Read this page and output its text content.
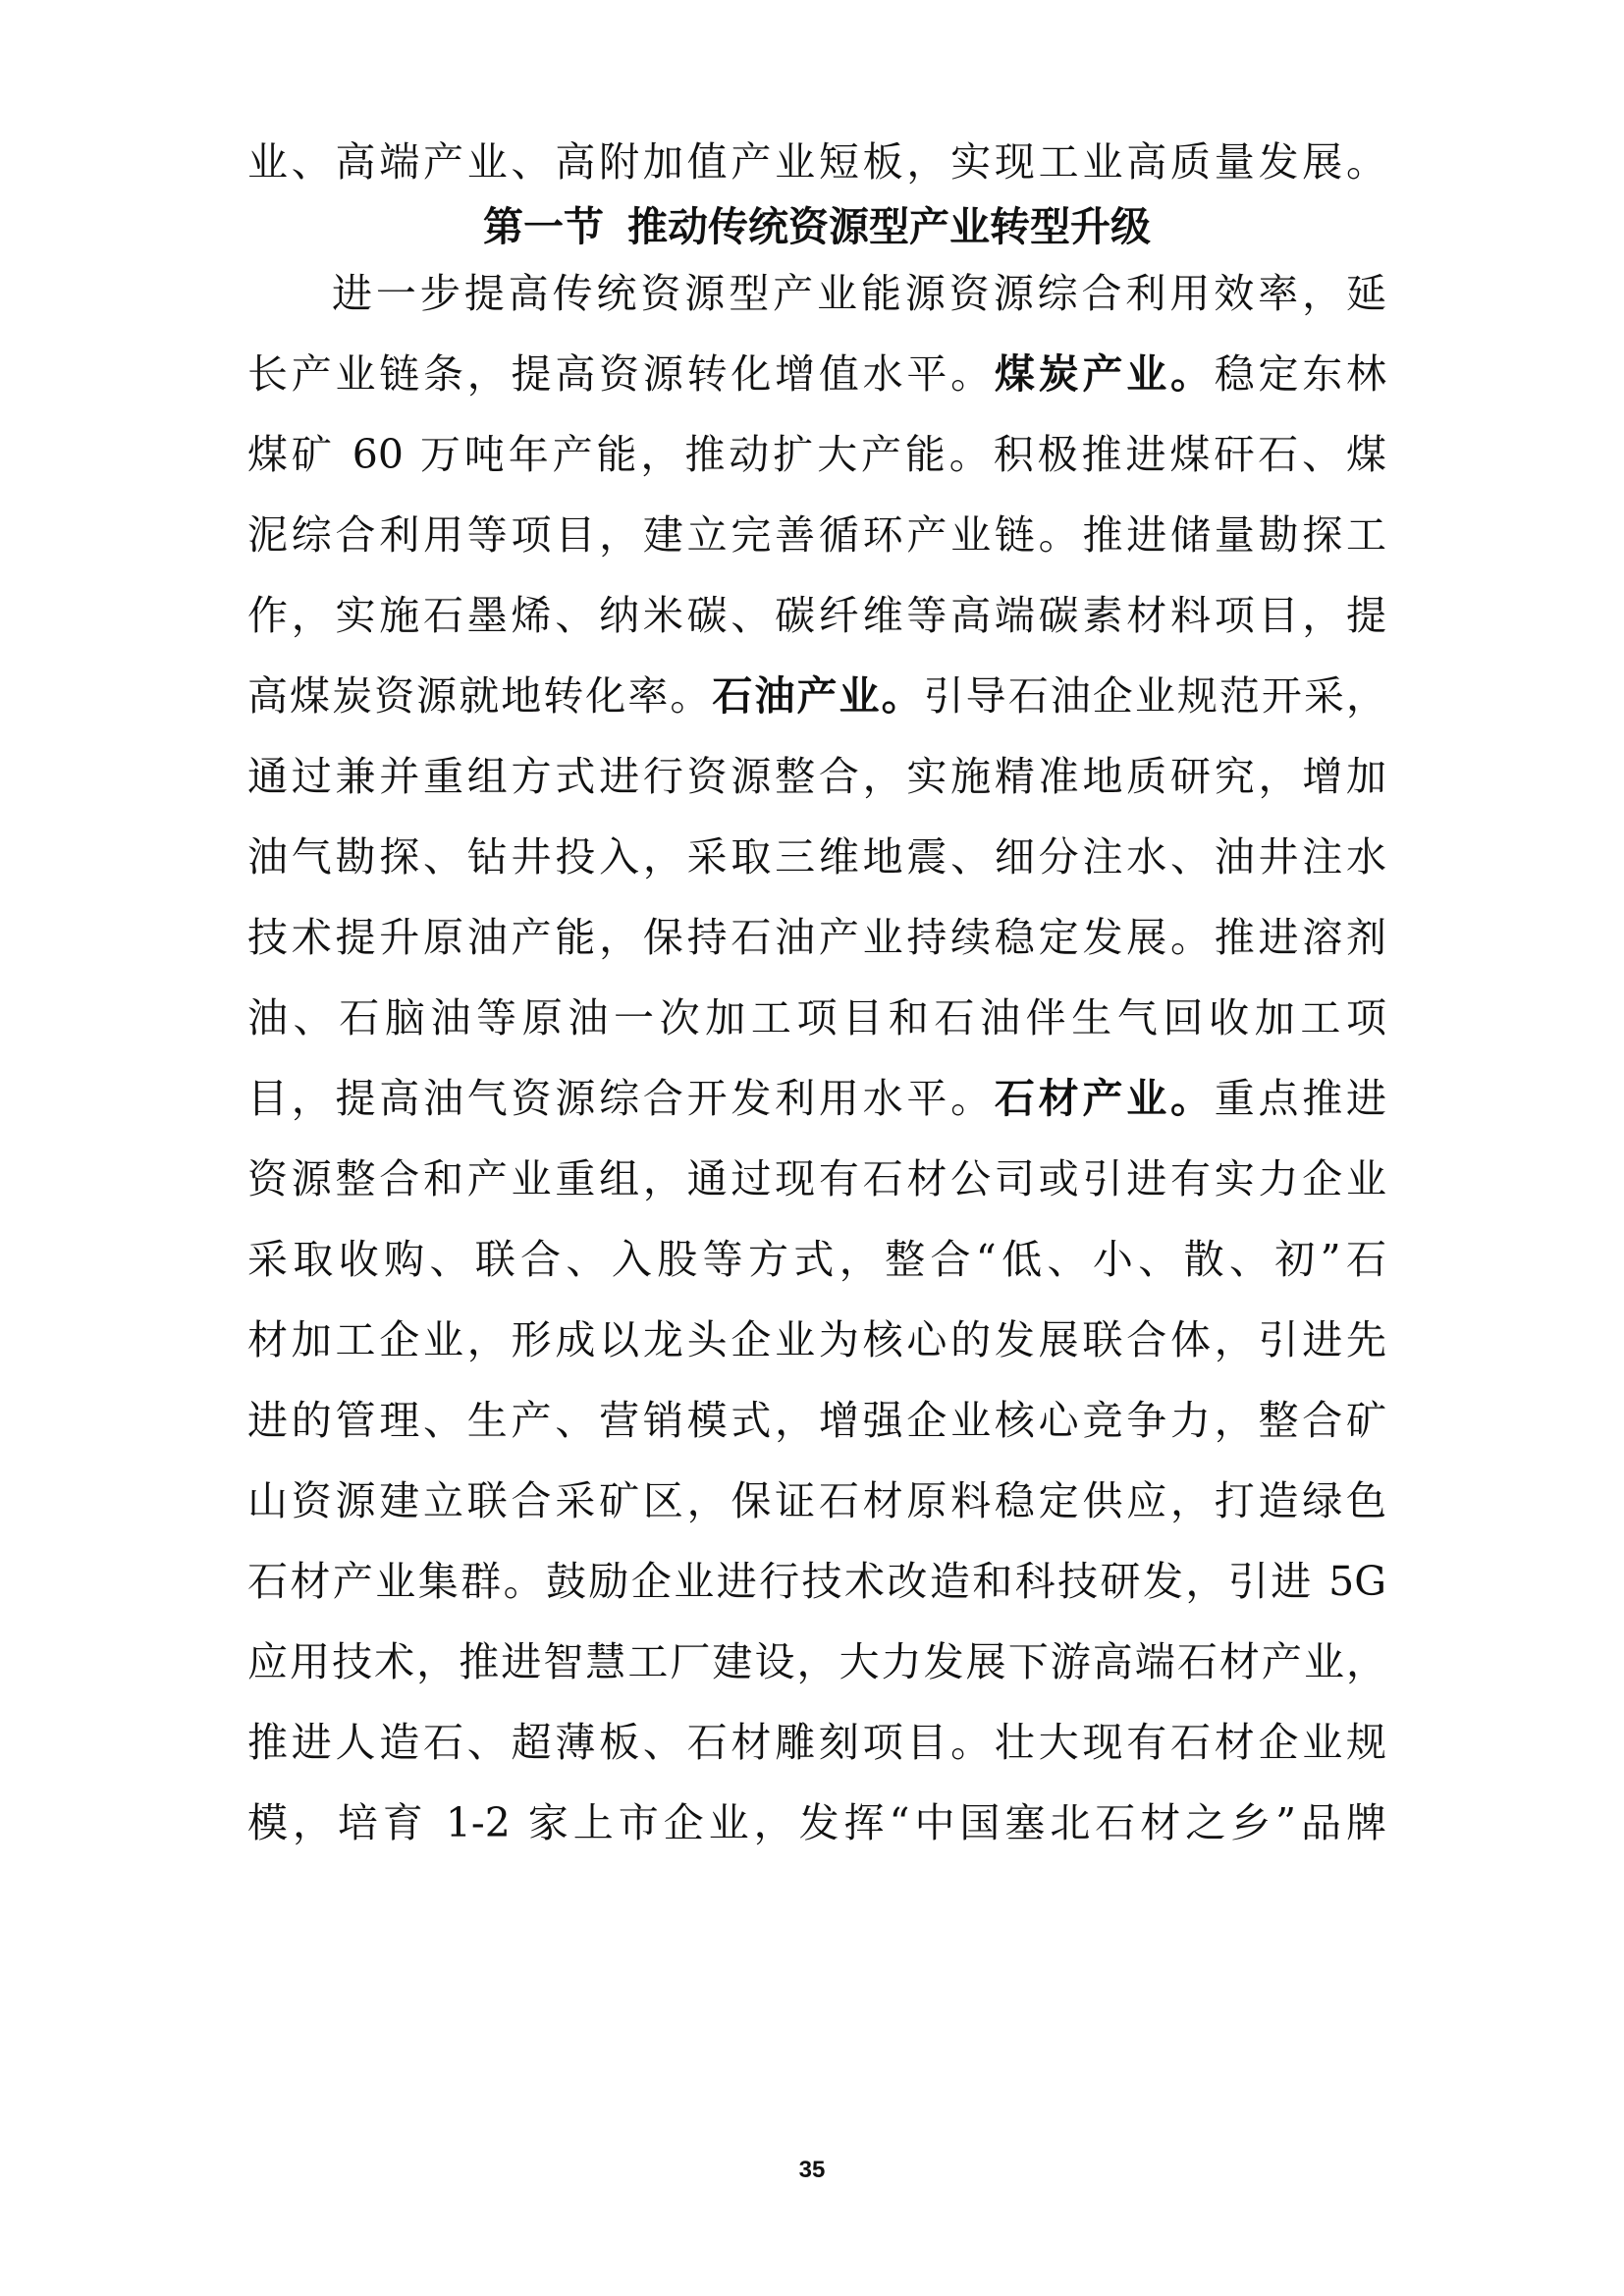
业、高端产业、高附加值产业短板，实现工业高质量发展。
第一节 推动传统资源型产业转型升级
进一步提高传统资源型产业能源资源综合利用效率，延
长产业链条，提高资源转化增值水平。煤炭产业。稳定东林
煤矿 60 万吨年产能，推动扩大产能。积极推进煤矸石、煤
泥综合利用等项目，建立完善循环产业链。推进储量勘探工
作，实施石墨烯、纳米碳、碳纤维等高端碳素材料项目，提
高煤炭资源就地转化率。石油产业。引导石油企业规范开采，
通过兼并重组方式进行资源整合，实施精准地质研究，增加
油气勘探、钻井投入，采取三维地震、细分注水、油井注水
技术提升原油产能，保持石油产业持续稳定发展。推进溶剂
油、石脑油等原油一次加工项目和石油伴生气回收加工项
目，提高油气资源综合开发利用水平。石材产业。重点推进
资源整合和产业重组，通过现有石材公司或引进有实力企业
采取收购、联合、入股等方式，整合“低、小、散、初”石
材加工企业，形成以龙头企业为核心的发展联合体，引进先
进的管理、生产、营销模式，增强企业核心竞争力，整合矿
山资源建立联合采矿区，保证石材原料稳定供应，打造绿色
石材产业集群。鼓励企业进行技术改造和科技研发，引进 5G
应用技术，推进智慧工厂建设，大力发展下游高端石材产业，
推进人造石、超薄板、石材雕刻项目。壮大现有石材企业规
模，培育 1-2 家上市企业，发挥“中国塞北石材之乡”品牌
35
